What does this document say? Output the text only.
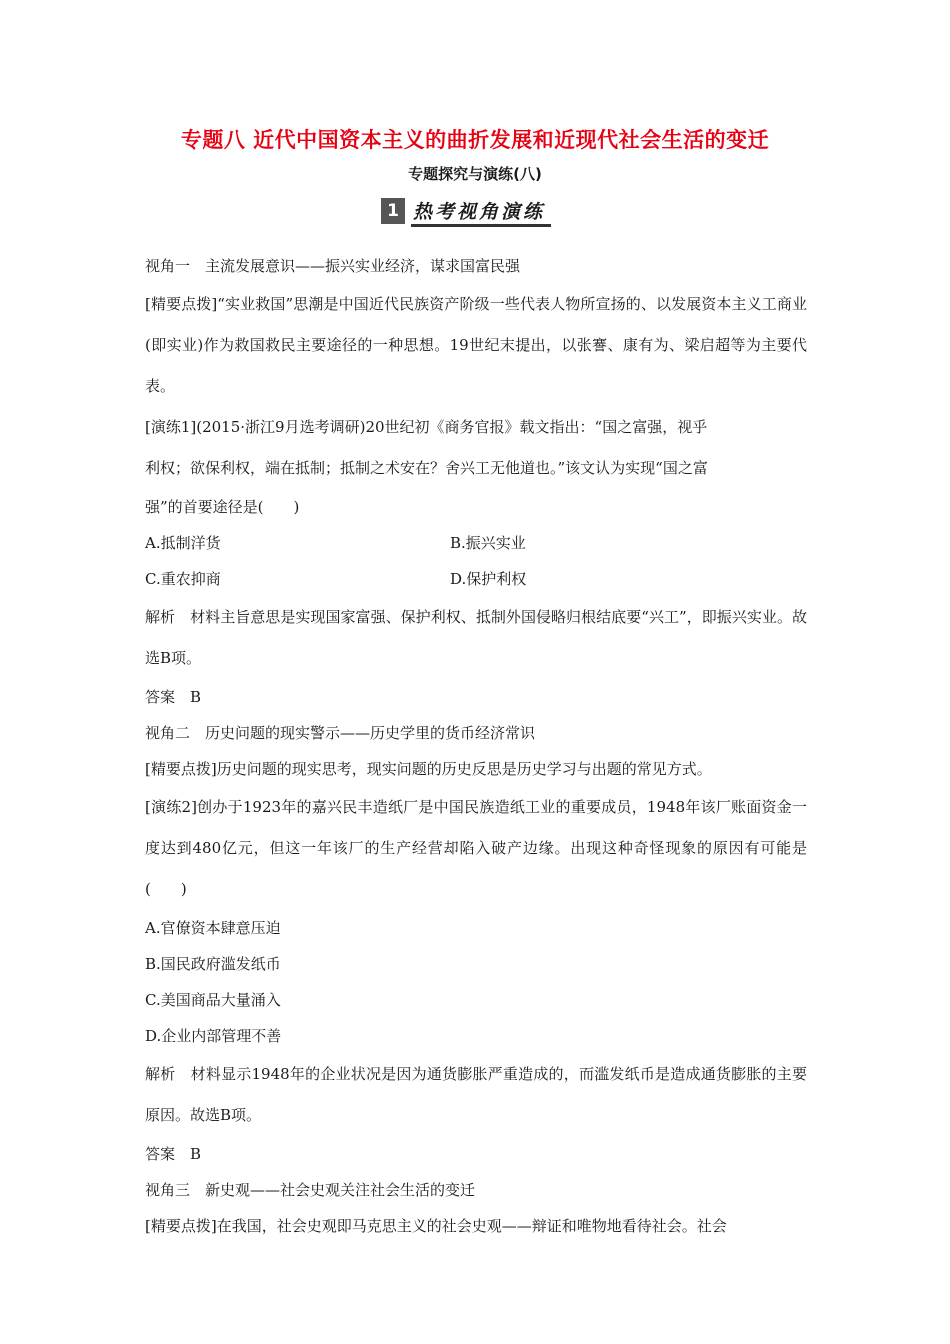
专题八 近代中国资本主义的曲折发展和近现代社会生活的变迁
专题探究与演练(八)
1 热考视角演练
视角一　主流发展意识——振兴实业经济，谋求国富民强
[精要点拨]“实业救国”思潮是中国近代民族资产阶级一些代表人物所宣扬的、以发展资本主义工商业(即实业)作为救国救民主要途径的一种思想。19世纪末提出，以张謇、康有为、梁启超等为主要代表。
[演练1](2015·浙江9月选考调研)20世纪初《商务官报》载文指出：“国之富强，视乎
利权；欲保利权，端在抵制；抵制之术安在？舍兴工无他道也。”该文认为实现“国之富
强”的首要途径是(　　)
A.抵制洋货	B.振兴实业
C.重农抑商	D.保护利权
解析　材料主旨意思是实现国家富强、保护利权、抵制外国侵略归根结底要“兴工”，即振兴实业。故选B项。
答案　B
视角二　历史问题的现实警示——历史学里的货币经济常识
[精要点拨]历史问题的现实思考，现实问题的历史反思是历史学习与出题的常见方式。
[演练2]创办于1923年的嘉兴民丰造纸厂是中国民族造纸工业的重要成员，1948年该厂账面资金一度达到480亿元，但这一年该厂的生产经营却陷入破产边缘。出现这种奇怪现象的原因有可能是(　　)
A.官僚资本肆意压迫
B.国民政府滥发纸币
C.美国商品大量涌入
D.企业内部管理不善
解析　材料显示1948年的企业状况是因为通货膨胀严重造成的，而滥发纸币是造成通货膨胀的主要原因。故选B项。
答案　B
视角三　新史观——社会史观关注社会生活的变迁
[精要点拨]在我国，社会史观即马克思主义的社会史观——辩证和唯物地看待社会。社会
